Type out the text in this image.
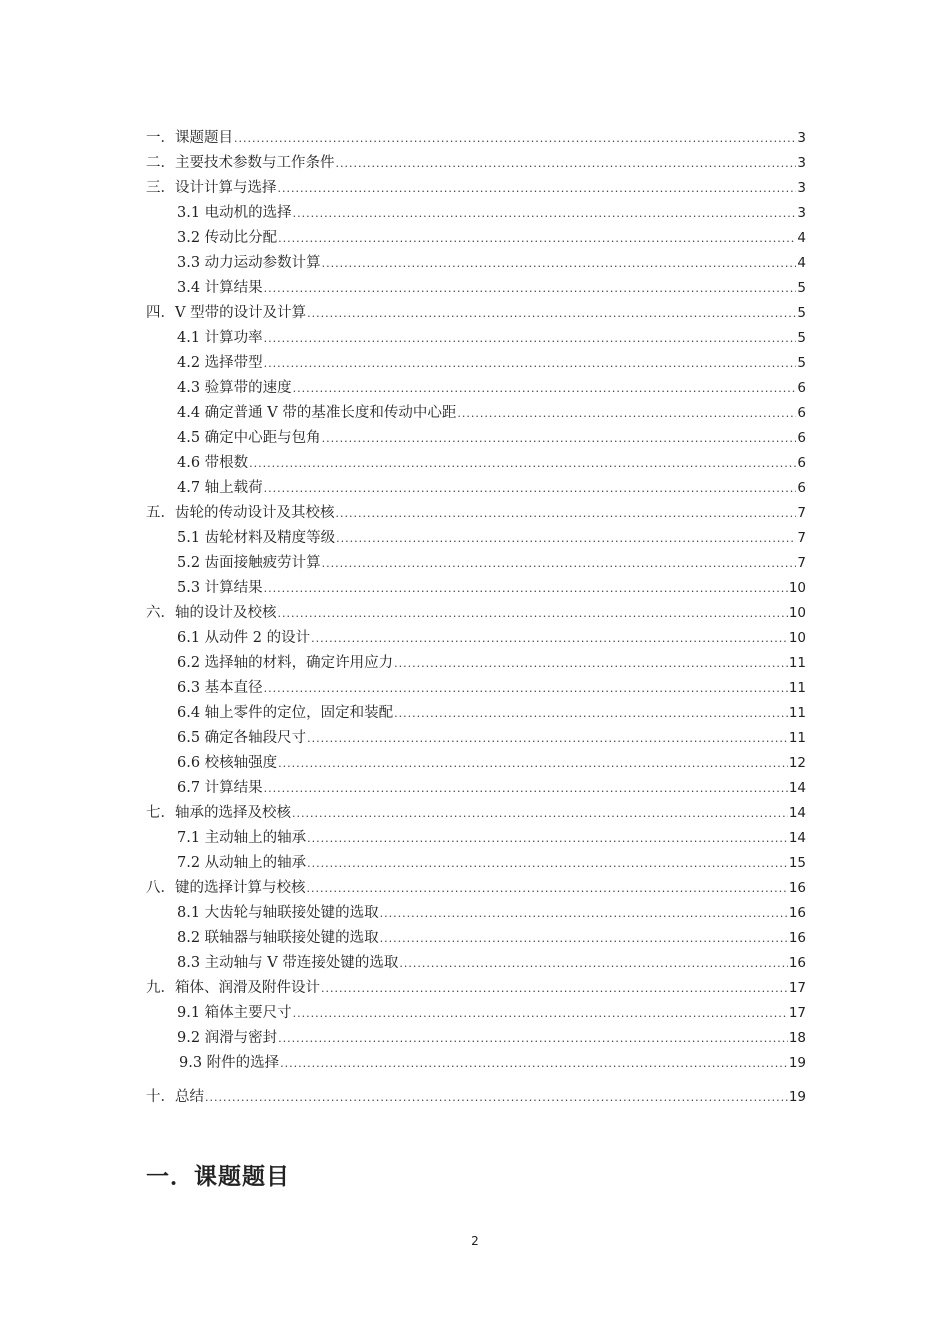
一．课题题目 .....	3
二．主要技术参数与工作条件 .....	3
三．设计计算与选择 .....	3
3.1 电动机的选择 .....	3
3.2 传动比分配 .....	4
3.3 动力运动参数计算 .....	4
3.4 计算结果 .....	5
四．V 型带的设计及计算 .....	5
4.1 计算功率 .....	5
4.2 选择带型 .....	5
4.3 验算带的速度 .....	6
4.4 确定普通 V 带的基准长度和传动中心距 .....	6
4.5 确定中心距与包角 .....	6
4.6 带根数 .....	6
4.7 轴上载荷 .....	6
五．齿轮的传动设计及其校核 .....	7
5.1 齿轮材料及精度等级 .....	7
5.2 齿面接触疲劳计算 .....	7
5.3 计算结果 .....	10
六．轴的设计及校核 .....	10
6.1 从动件 2 的设计 .....	10
6.2 选择轴的材料，确定许用应力 .....	11
6.3 基本直径 .....	11
6.4 轴上零件的定位，固定和装配 .....	11
6.5 确定各轴段尺寸 .....	11
6.6 校核轴强度 .....	12
6.7 计算结果 .....	14
七．轴承的选择及校核 .....	14
7.1 主动轴上的轴承 .....	14
7.2 从动轴上的轴承 .....	15
八．键的选择计算与校核 .....	16
8.1 大齿轮与轴联接处键的选取 .....	16
8.2 联轴器与轴联接处键的选取 .....	16
8.3 主动轴与 V 带连接处键的选取 .....	16
九．箱体、润滑及附件设计 .....	17
9.1 箱体主要尺寸 .....	17
9.2 润滑与密封 .....	18
9.3 附件的选择 .....	19
十．总结 .....	19
一．课题题目
2
